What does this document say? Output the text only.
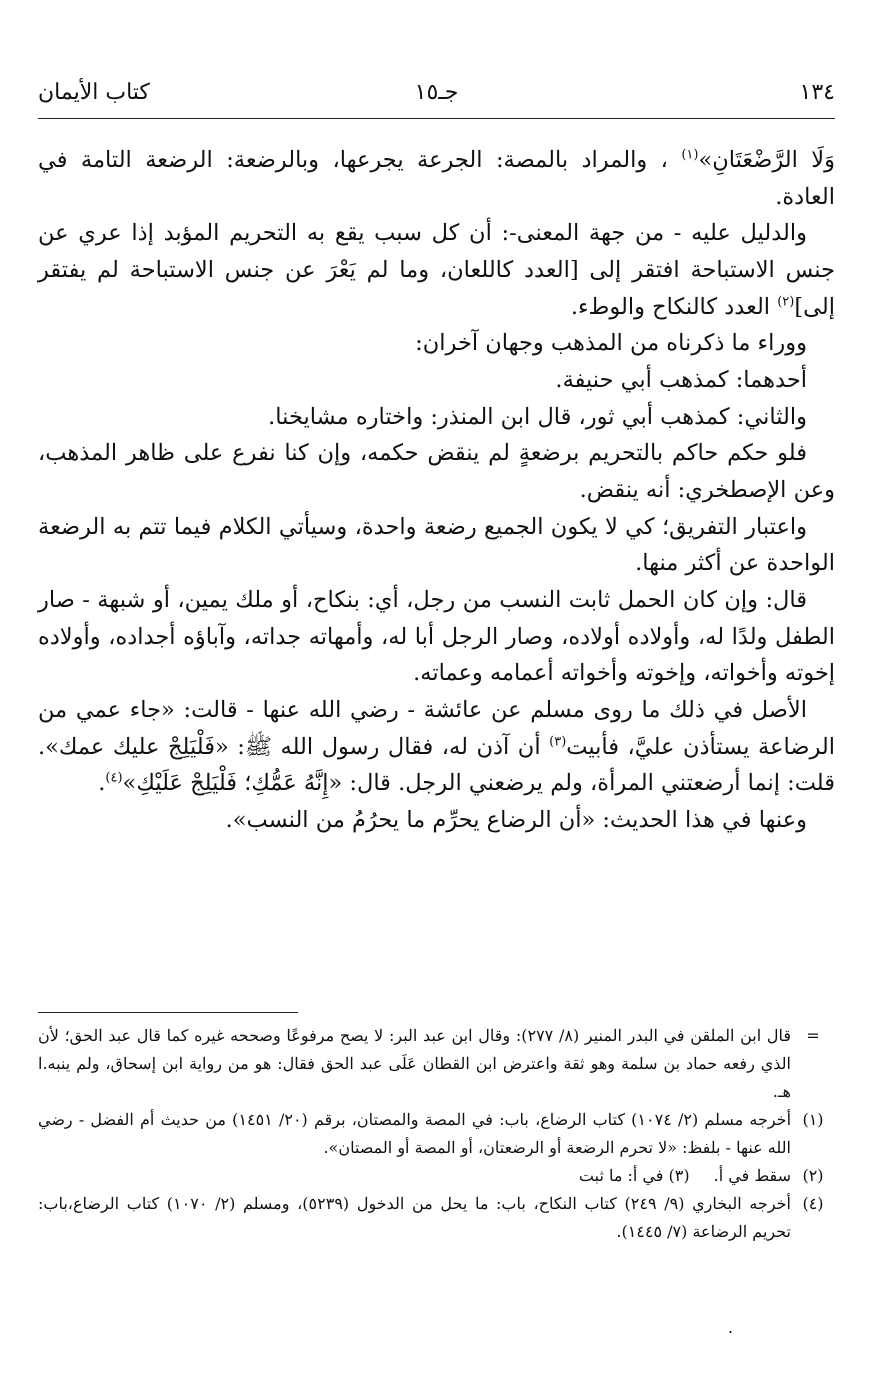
١٣٤
جـ١٥
كتاب الأيمان

وَلَا الرَّضْعَتَانِ»$^{(١)}$ ، والمراد بالمصة: الجرعة يجرعها، وبالرضعة: الرضعة التامة في العادة.

والدليل عليه - من جهة المعنى-: أن كل سبب يقع به التحريم المؤبد إذا عري عن جنس الاستباحة افتقر إلى [العدد كاللعان، وما لم يَعْرَ عن جنس الاستباحة لم يفتقر إلى]$^{(٢)}$ العدد كالنكاح والوطء.

ووراء ما ذكرناه من المذهب وجهان آخران:

أحدهما: كمذهب أبي حنيفة.

والثاني: كمذهب أبي ثور، قال ابن المنذر: واختاره مشايخنا.

فلو حكم حاكم بالتحريم برضعةٍ لم ينقض حكمه، وإن كنا نفرع على ظاهر المذهب، وعن الإصطخري: أنه ينقض.

واعتبار التفريق؛ كي لا يكون الجميع رضعة واحدة، وسيأتي الكلام فيما تتم به الرضعة الواحدة عن أكثر منها.

قال: وإن كان الحمل ثابت النسب من رجل، أي: بنكاح، أو ملك يمين، أو شبهة - صار الطفل ولدًا له، وأولاده أولاده، وصار الرجل أبا له، وأمهاته جداته، وآباؤه أجداده، وأولاده إخوته وأخواته، وإخوته وأخواته أعمامه وعماته.

الأصل في ذلك ما روى مسلم عن عائشة - رضي الله عنها - قالت: «جاء عمي من الرضاعة يستأذن عليَّ، فأبيت$^{(٣)}$ أن آذن له، فقال رسول الله ﷺ: «فَلْيَلِجْ عليك عمك». قلت: إنما أرضعتني المرأة، ولم يرضعني الرجل. قال: «إِنَّهُ عَمُّكِ؛ فَلْيَلِجْ عَلَيْكِ»$^{(٤)}$.

وعنها في هذا الحديث: «أن الرضاع يحرِّم ما يحرُمُ من النسب».

=
قال ابن الملقن في البدر المنير (٨/ ٢٧٧): وقال ابن عبد البر: لا يصح مرفوعًا وصححه غيره كما قال عبد الحق؛ لأن الذي رفعه حماد بن سلمة وهو ثقة واعترض ابن القطان عَلَى عبد الحق فقال: هو من رواية ابن إسحاق، ولم ينبه.ا هـ.
(١)
أخرجه مسلم (٢/ ١٠٧٤) كتاب الرضاع، باب: في المصة والمصتان، برقم (٢٠/ ١٤٥١) من حديث أم الفضل - رضي الله عنها - بلفظ: «لا تحرم الرضعة أو الرضعتان، أو المصة أو المصتان».
(٢)
سقط في أ.(٣) في أ: ما ثبت
(٤)
أخرجه البخاري (٩/ ٢٤٩) كتاب النكاح، باب: ما يحل من الدخول (٥٢٣٩)، ومسلم (٢/ ١٠٧٠) كتاب الرضاع،باب: تحريم الرضاعة (٧/ ١٤٤٥).
.
